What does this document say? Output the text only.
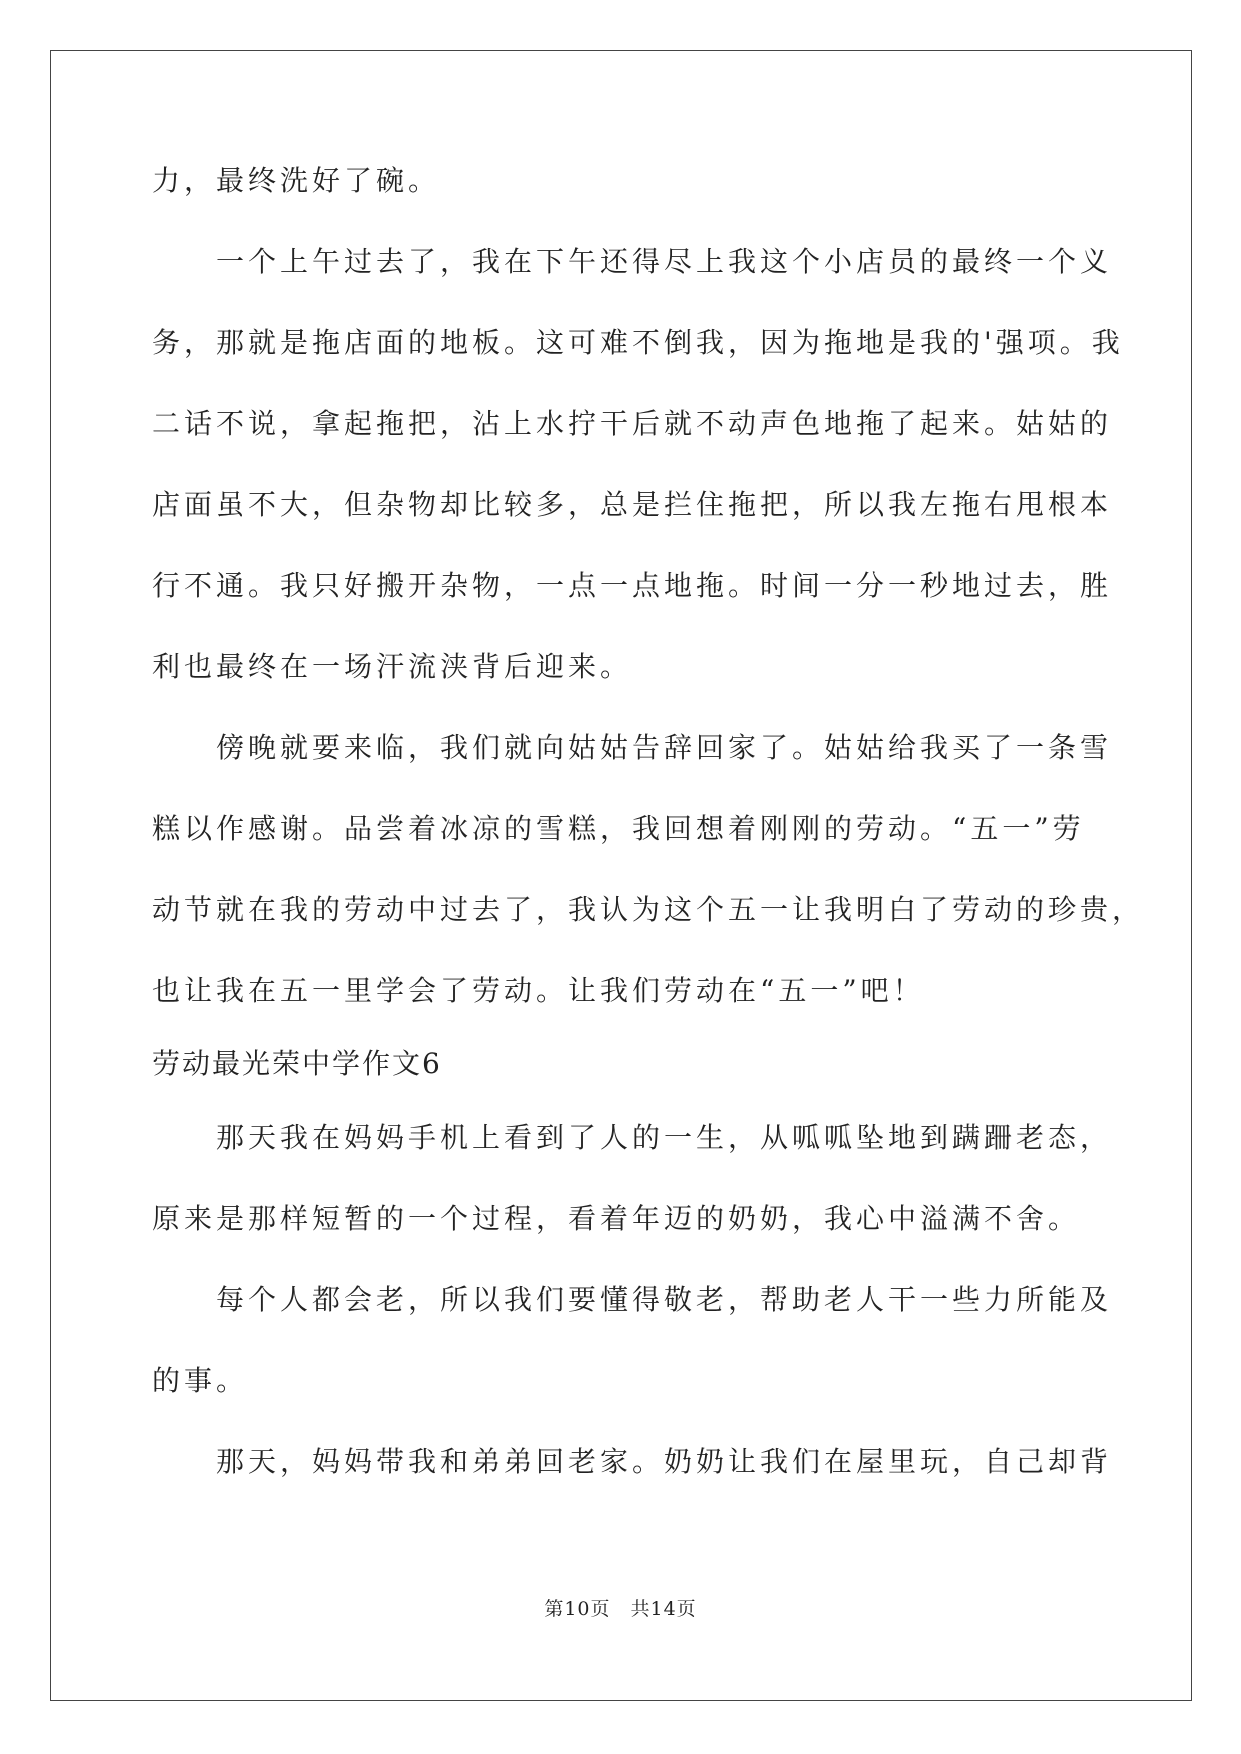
力，最终洗好了碗。
一个上午过去了，我在下午还得尽上我这个小店员的最终一个义
务，那就是拖店面的地板。这可难不倒我，因为拖地是我的'强项。我
二话不说，拿起拖把，沾上水拧干后就不动声色地拖了起来。姑姑的
店面虽不大，但杂物却比较多，总是拦住拖把，所以我左拖右甩根本
行不通。我只好搬开杂物，一点一点地拖。时间一分一秒地过去，胜
利也最终在一场汗流浃背后迎来。
傍晚就要来临，我们就向姑姑告辞回家了。姑姑给我买了一条雪
糕以作感谢。品尝着冰凉的雪糕，我回想着刚刚的劳动。“五一”劳
动节就在我的劳动中过去了，我认为这个五一让我明白了劳动的珍贵，
也让我在五一里学会了劳动。让我们劳动在“五一”吧！
劳动最光荣中学作文6
那天我在妈妈手机上看到了人的一生，从呱呱坠地到蹒跚老态，
原来是那样短暂的一个过程，看着年迈的奶奶，我心中溢满不舍。
每个人都会老，所以我们要懂得敬老，帮助老人干一些力所能及
的事。
那天，妈妈带我和弟弟回老家。奶奶让我们在屋里玩，自己却背
第10页　共14页
